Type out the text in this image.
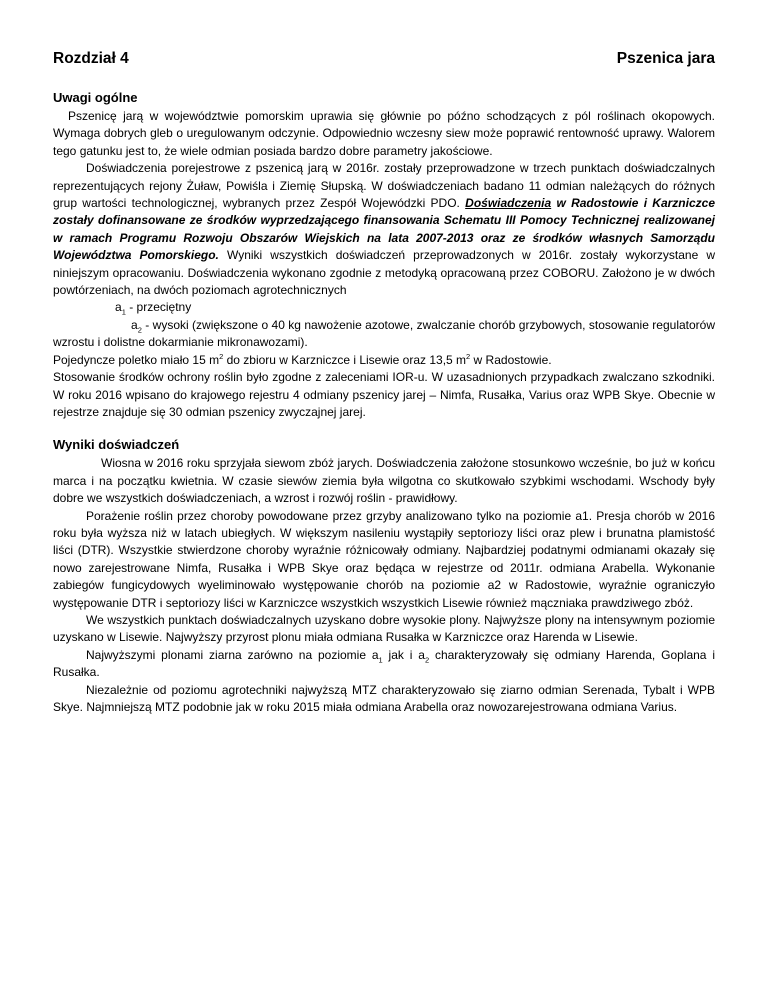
Rozdział 4	Pszenica jara
Uwagi ogólne

Pszenicę jarą w województwie pomorskim uprawia się głównie po późno schodzących z pól roślinach okopowych. Wymaga dobrych gleb o uregulowanym odczynie. Odpowiednio wczesny siew może poprawić rentowność uprawy. Walorem tego gatunku jest to, że wiele odmian posiada bardzo dobre parametry jakościowe.

Doświadczenia porejestrowe z pszenicą jarą w 2016r. zostały przeprowadzone w trzech punktach doświadczalnych reprezentujących rejony Żuław, Powiśla i Ziemię Słupską. W doświadczeniach badano 11 odmian należących do różnych grup wartości technologicznej, wybranych przez Zespół Wojewódzki PDO. Doświadczenia w Radostowie i Karzniczce zostały dofinansowane ze środków wyprzedzającego finansowania Schematu III Pomocy Technicznej realizowanej w ramach Programu Rozwoju Obszarów Wiejskich na lata 2007-2013 oraz ze środków własnych Samorządu Województwa Pomorskiego. Wyniki wszystkich doświadczeń przeprowadzonych w 2016r. zostały wykorzystane w niniejszym opracowaniu. Doświadczenia wykonano zgodnie z metodyką opracowaną przez COBORU. Założono je w dwóch powtórzeniach, na dwóch poziomach agrotechnicznych

$a_1$ - przeciętny

$a_2$ - wysoki (zwiększone o 40 kg nawożenie azotowe, zwalczanie chorób grzybowych, stosowanie regulatorów wzrostu i dolistne dokarmianie mikronawozami).

Pojedyncze poletko miało 15 $m^2$ do zbioru w Karzniczce i Lisewie oraz 13,5 $m^2$ w Radostowie.

Stosowanie środków ochrony roślin było zgodne z zaleceniami IOR-u. W uzasadnionych przypadkach zwalczano szkodniki. W roku 2016 wpisano do krajowego rejestru 4 odmiany pszenicy jarej – Nimfa, Rusałka, Varius oraz WPB Skye. Obecnie w rejestrze znajduje się 30 odmian pszenicy zwyczajnej jarej.

Wyniki doświadczeń

Wiosna w 2016 roku sprzyjała siewom zbóż jarych. Doświadczenia założone stosunkowo wcześnie, bo już w końcu marca i na początku kwietnia. W czasie siewów ziemia była wilgotna co skutkowało szybkimi wschodami. Wschody były dobre we wszystkich doświadczeniach, a wzrost i rozwój roślin - prawidłowy.

Porażenie roślin przez choroby powodowane przez grzyby analizowano tylko na poziomie a1. Presja chorób w 2016 roku była wyższa niż w latach ubiegłych. W większym nasileniu wystąpiły septoriozy liści oraz plew i brunatna plamistość liści (DTR). Wszystkie stwierdzone choroby wyraźnie różnicowały odmiany. Najbardziej podatnymi odmianami okazały się nowo zarejestrowane Nimfa, Rusałka i WPB Skye oraz będąca w rejestrze od 2011r. odmiana Arabella. Wykonanie zabiegów fungicydowych wyeliminowało występowanie chorób na poziomie a2 w Radostowie, wyraźnie ograniczyło występowanie DTR i septoriozy liści w Karzniczce wszystkich wszystkich Lisewie również mączniaka prawdziwego zbóż.

We wszystkich punktach doświadczalnych uzyskano dobre wysokie plony. Najwyższe plony na intensywnym poziomie uzyskano w Lisewie. Najwyższy przyrost plonu miała odmiana Rusałka w Karzniczce oraz Harenda w Lisewie.

Najwyższymi plonami ziarna zarówno na poziomie $a_1$ jak i $a_2$ charakteryzowały się odmiany Harenda, Goplana i Rusałka.

Niezależnie od poziomu agrotechniki najwyższą MTZ charakteryzowało się ziarno odmian Serenada, Tybalt i WPB Skye. Najmniejszą MTZ podobnie jak w roku 2015 miała odmiana Arabella oraz nowozarejestrowana odmiana Varius.
